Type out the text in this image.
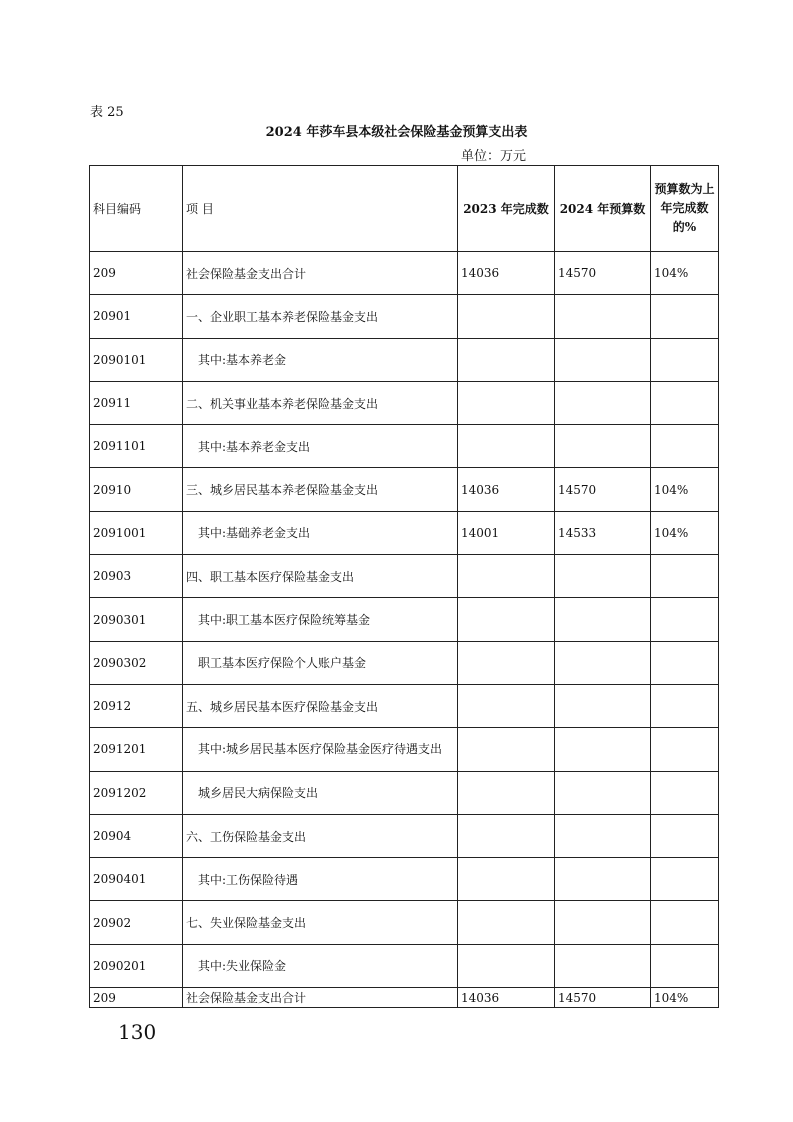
表 25
2024 年莎车县本级社会保险基金预算支出表
单位：万元
科目编码	项 目	2023 年完成数	2024 年预算数	预算数为上年完成数的%
209	社会保险基金支出合计	14036	14570	104%
20901	一、企业职工基本养老保险基金支出			
2090101	其中:基本养老金			
20911	二、机关事业基本养老保险基金支出			
2091101	其中:基本养老金支出			
20910	三、城乡居民基本养老保险基金支出	14036	14570	104%
2091001	其中:基础养老金支出	14001	14533	104%
20903	四、职工基本医疗保险基金支出			
2090301	其中:职工基本医疗保险统筹基金			
2090302	职工基本医疗保险个人账户基金			
20912	五、城乡居民基本医疗保险基金支出			
2091201	其中:城乡居民基本医疗保险基金医疗待遇支出			
2091202	城乡居民大病保险支出			
20904	六、工伤保险基金支出			
2090401	其中:工伤保险待遇			
20902	七、失业保险基金支出			
2090201	其中:失业保险金			
209	社会保险基金支出合计	14036	14570	104%
130
